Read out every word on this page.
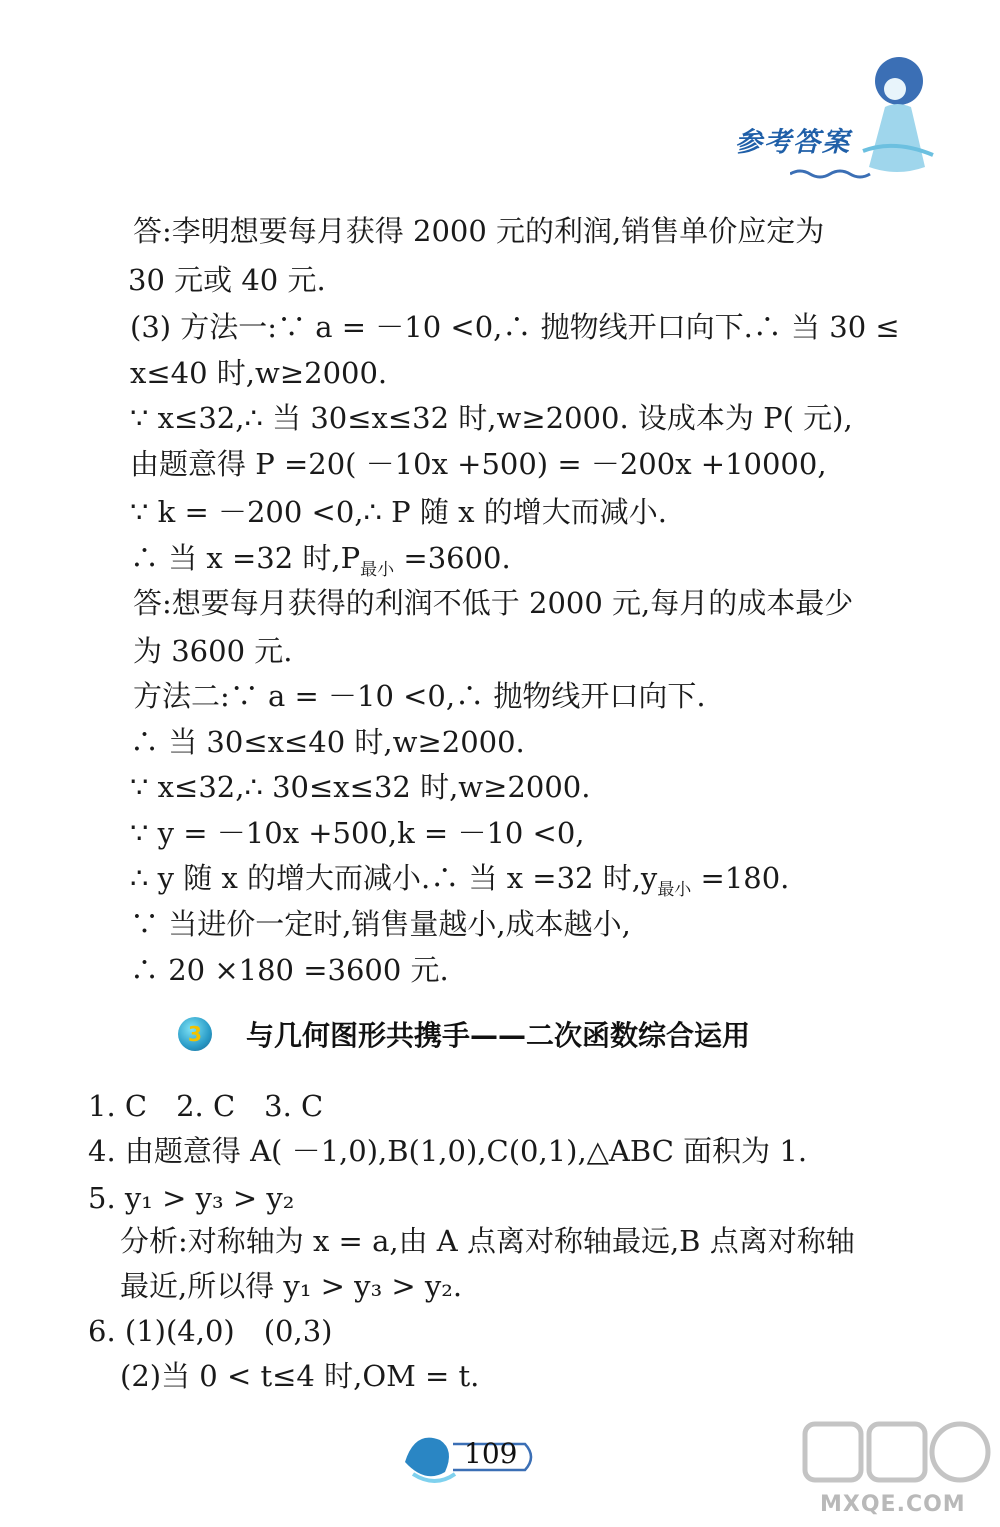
参考答案
答:李明想要每月获得 2000 元的利润,销售单价应定为
30 元或 40 元.
(3) 方法一:∵ a = －10 <0,∴ 抛物线开口向下.∴ 当 30 ≤
x≤40 时,w≥2000.
∵ x≤32,∴ 当 30≤x≤32 时,w≥2000. 设成本为 P( 元),
由题意得 P =20( －10x +500) = －200x +10000,
∵ k = －200 <0,∴ P 随 x 的增大而减小.
∴ 当 x =32 时$,P_{最小} =3600$.
答:想要每月获得的利润不低于 2000 元,每月的成本最少
为 3600 元.
方法二:∵ a = －10 <0,∴ 抛物线开口向下.
∴ 当 30≤x≤40 时,w≥2000.
∵ x≤32,∴ 30≤x≤32 时,w≥2000.
∵ y = －10x +500,k = －10 <0,
∴ y 随 x 的增大而减小.∴ 当 x =32 时$,y_{最小} =180$.
∵ 当进价一定时,销售量越小,成本越小,
∴ 20 ×180 =3600 元.
3	与几何图形共携手——二次函数综合运用
1. C　2. C　3. C
4. 由题意得 A( －1,0),B(1,0),C(0,1),△ABC 面积为 1.
5. y₁ > y₃ > y₂
分析:对称轴为 x = a,由 A 点离对称轴最远,B 点离对称轴
最近,所以得 y₁ > y₃ > y₂.
6. (1)(4,0)　(0,3)
(2)当 0 < t≤4 时,OM = t.
109
MXQE.COM
